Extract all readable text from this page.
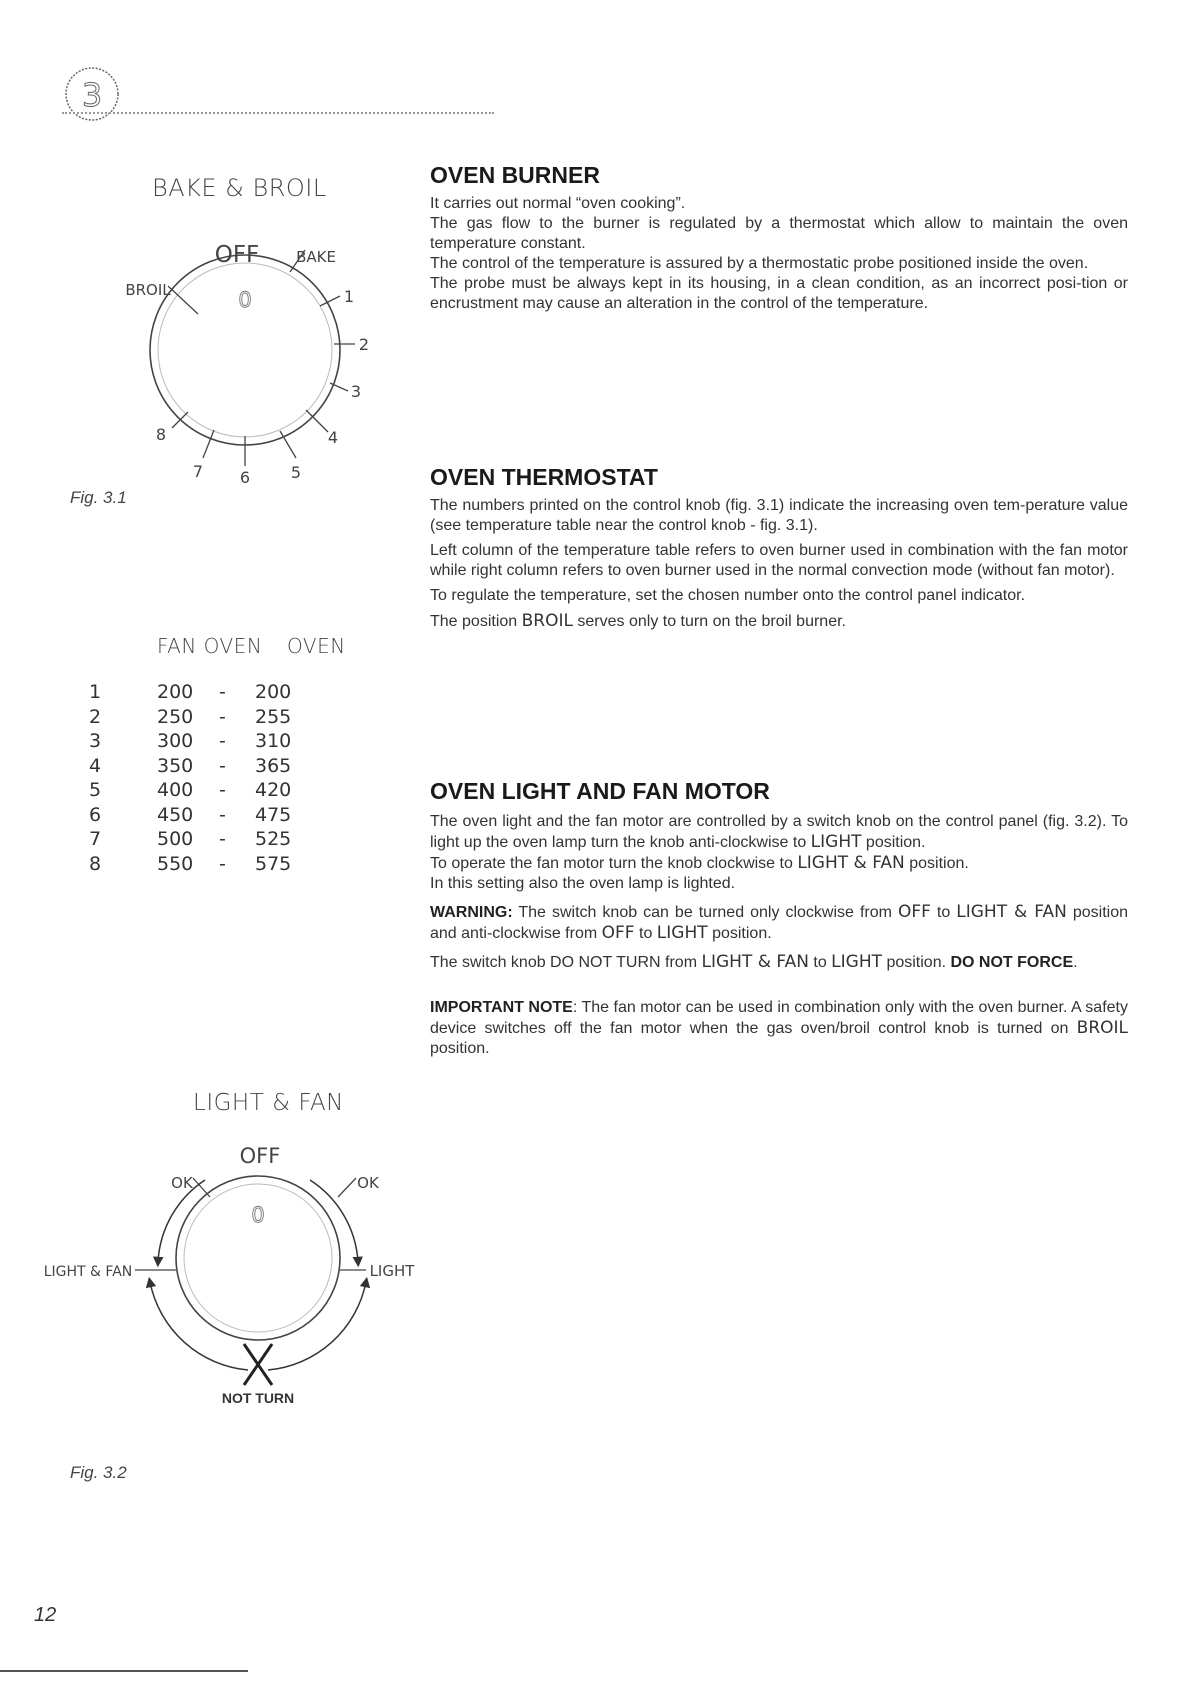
3
BAKE & BROIL
0
OFF BAKE
BROIL	1
2
3
4
5
6
7
8
Fig. 3.1
FAN OVEN OVEN
1	200	-	200
2	250	-	255
3	300	-	310
4	350	-	365
5	400	-	420
6	450	-	475
7	500	-	525
8	550	-	575
LIGHT & FAN
0
OFF
OK	OK
LIGHT & FAN	LIGHT
NOT TURN
Fig. 3.2
OVEN BURNER

It carries out normal “oven cooking”.

The gas flow to the burner is regulated by a thermostat which allow to maintain the oven temperature constant.

The control of the temperature is assured by a thermostatic probe positioned inside the oven.

The probe must be always kept in its housing, in a clean condition, as an incorrect posi-tion or encrustment may cause an alteration in the control of the temperature.

OVEN THERMOSTAT

The numbers printed on the control knob (fig. 3.1) indicate the increasing oven tem-perature value (see temperature table near the control knob - fig. 3.1).

Left column of the temperature table refers to oven burner used in combination with the fan motor while right column refers to oven burner used in the normal convection mode (without fan motor).

To regulate the temperature, set the chosen number onto the control panel indicator.

The position BROIL serves only to turn on the broil burner.

OVEN LIGHT AND FAN MOTOR

The oven light and the fan motor are controlled by a switch knob on the control panel (fig. 3.2). To light up the oven lamp turn the knob anti-clockwise to LIGHT position.

To operate the fan motor turn the knob clockwise to LIGHT & FAN position.

In this setting also the oven lamp is lighted.

WARNING: The switch knob can be turned only clockwise from OFF to LIGHT & FAN position and anti-clockwise from OFF to LIGHT position.

The switch knob DO NOT TURN from LIGHT & FAN to LIGHT position. DO NOT FORCE.

IMPORTANT NOTE: The fan motor can be used in combination only with the oven burner. A safety device switches off the fan motor when the gas oven/broil control knob is turned on BROIL position.

12
